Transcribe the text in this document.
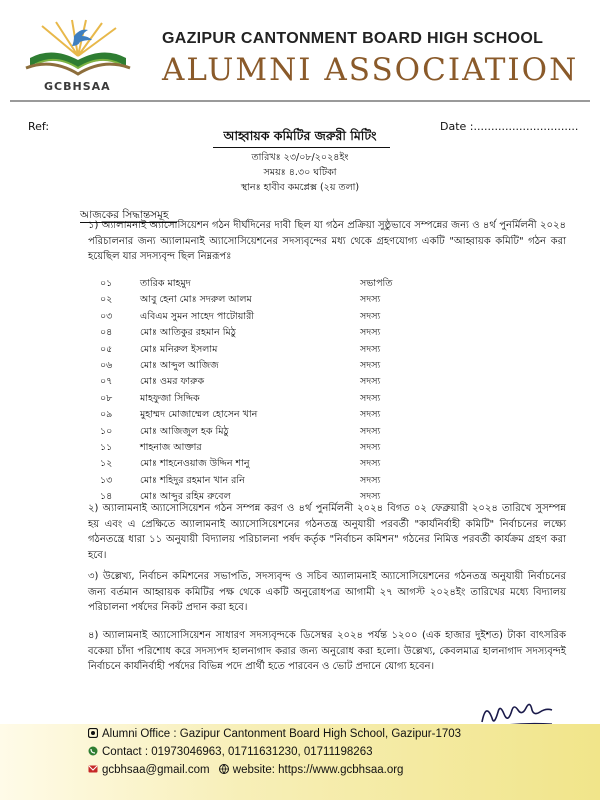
GCBHSAA
GAZIPUR CANTONMENT BOARD HIGH SCHOOL
ALUMNI ASSOCIATION
Ref:	Date :..............................
আহ্বায়ক কমিটির জরুরী মিটিং
তারিখঃ ২৩/০৮/২০২৪ইং
সময়ঃ ৪.৩০ ঘটিকা
স্থানঃ হাবীব কমপ্লেক্স (২য় তলা)
আজকের সিদ্ধান্তসমূহ
১) অ্যালামনাই অ্যাসোসিয়েশন গঠন দীর্ঘদিনের দাবী ছিল যা গঠন প্রক্রিয়া সুষ্ঠুভাবে সম্পন্নের জন্য ও ৪র্থ পুনর্মিলনী ২০২৪ পরিচালনার জন্য অ্যালামনাই অ্যাসোসিয়েশনের সদস্যবৃন্দের মধ্য থেকে গ্রহণযোগ্য একটি "আহ্বায়ক কমিটি" গঠন করা হয়েছিল যার সদস্যবৃন্দ ছিল নিম্নরূপঃ
০১	তারিক মাহমুদ	সভাপতি
০২	আবু হেনা মোঃ সদরুল আলম	সদস্য
০৩	এবিএম সুমন সাহেদ পাটোয়ারী	সদস্য
০৪	মোঃ আতিকুর রহমান মিঠু	সদস্য
০৫	মোঃ মনিরুল ইসলাম	সদস্য
০৬	মোঃ আব্দুল আজিজ	সদস্য
০৭	মোঃ ওমর ফারুক	সদস্য
০৮	মাহফুজা সিদ্দিক	সদস্য
০৯	মুহাম্মদ মোজাম্মেল হোসেন খান	সদস্য
১০	মোঃ আজিজুল হক মিঠু	সদস্য
১১	শাহনাজ আক্তার	সদস্য
১২	মোঃ শাহনেওয়াজ উদ্দিন শানু	সদস্য
১৩	মোঃ শহিদুর রহমান খান রনি	সদস্য
১৪	মোঃ আব্দুর রহিম রুবেল	সদস্য
২) অ্যালামনাই অ্যাসোসিয়েশন গঠন সম্পন্ন করণ ও ৪র্থ পুনর্মিলনী ২০২৪ বিগত ০২ ফেব্রুয়ারী ২০২৪ তারিখে সুসম্পন্ন হয় এবং এ প্রেক্ষিতে অ্যালামনাই অ্যাসোসিয়েশনের গঠনতন্ত্র অনুযায়ী পরবর্তী "কার্যনির্বাহী কমিটি" নির্বাচনের লক্ষ্যে গঠনতন্ত্রে ধারা ১১ অনুযায়ী বিদ্যালয় পরিচালনা পর্ষদ কর্তৃক "নির্বাচন কমিশন" গঠনের নিমিত্ত পরবর্তী কার্যক্রম গ্রহণ করা হবে।
৩) উল্লেখ্য, নির্বাচন কমিশনের সভাপতি, সদস্যবৃন্দ ও সচিব অ্যালামনাই অ্যাসোসিয়েশনের গঠনতন্ত্র অনুযায়ী নির্বাচনের জন্য বর্তমান আহ্বায়ক কমিটির পক্ষ থেকে একটি অনুরোধপত্র আগামী ২৭ আগস্ট ২০২৪ইং তারিখের মধ্যে বিদ্যালয় পরিচালনা পর্ষদের নিকট প্রদান করা হবে।
৪) অ্যালামনাই অ্যাসোসিয়েশন সাধারণ সদস্যবৃন্দকে ডিসেম্বর ২০২৪ পর্যন্ত ১২০০ (এক হাজার দুইশত) টাকা বাৎসরিক বকেয়া চাঁদা পরিশোধ করে সদস্যপদ হালনাগাদ করার জন্য অনুরোধ করা হলো। উল্লেখ্য, কেবলমাত্র হালনাগাদ সদস্যবৃন্দই নির্বাচনে কার্যনির্বাহী পর্ষদের বিভিন্ন পদে প্রার্থী হতে পারবেন ও ভোট প্রদানে যোগ্য হবেন।
Alumni Office : Gazipur Cantonment Board High School, Gazipur-1703
Contact : 01973046963, 01711631230, 01711198263
gcbhsaa@gmail.com website: https://www.gcbhsaa.org
